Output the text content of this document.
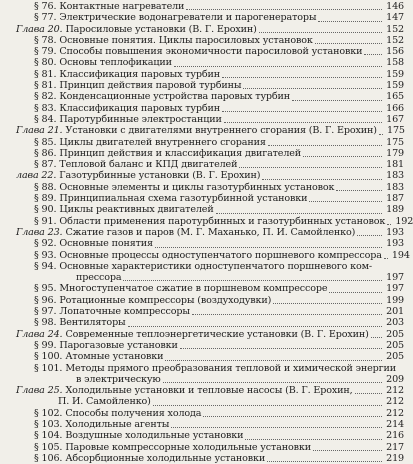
§ 76. Контактные нагреватели	146
§ 77. Электрические водонагреватели и парогенераторы	147
Глава 20. Паросиловые установки (В. Г. Ерохин)	152
§ 78. Основные понятия. Циклы паросиловых установок	152
§ 79. Способы повышения экономичности паросиловой установки 156
§ 80. Основы теплофикации	158
§ 81. Классификация паровых турбин	159
§ 81. Принцип действия паровой турбины	159
§ 82. Конденсационные устройства паровых турбин	165
§ 83. Классификация паровых турбин	166
§ 84. Паротурбинные электростанции	167
Глава 21. Установки с двигателями внутреннего сгорания (В. Г. Ерохин) 175
§ 85. Циклы двигателей внутреннего сгорания	175
§ 86. Принцип действия и классификация двигателей	179
§ 87. Тепловой баланс и КПД двигателей	181
лава 22. Газотурбинные установки (В. Г. Ерохин)	183
§ 88. Основные элементы и циклы газотурбинных установок	183
§ 89. Принципиальная схема газотурбинной установки	187
§ 90. Циклы реактивных двигателей	189
§ 91. Области применения паротурбинных и газотурбинных установок 192
Глава 23. Сжатие газов и паров (М. Г. Маханько, П. И. Самойленко)	193
§ 92. Основные понятия	193
§ 93. Основные процессы одноступенчатого поршневого компрессора 194
§ 94. Основные характеристики одноступенчатого поршневого ком-
прессора	197
§ 95. Многоступенчатое сжатие в поршневом компрессоре	197
§ 96. Ротационные компрессоры (воздуходувки)	199
§ 97. Лопаточные компрессоры	201
§ 98. Вентиляторы	203
Глава 24. Современные теплоэнергетические установки (В. Г. Ерохин) 205
§ 99. Парогазовые установки	205
§ 100. Атомные установки	205
§ 101. Методы прямого преобразования тепловой и химической энергии
в электрическую	209
Глава 25. Холодильные установки и тепловые насосы (В. Г. Ерохин,	212
П. И. Самойленко)	212
§ 102. Способы получения холода	212
§ 103. Холодильные агенты	214
§ 104. Воздушные холодильные установки	216
§ 105. Паровые компрессорные холодильные установки	217
§ 106. Абсорбционные холодильные установки	219
